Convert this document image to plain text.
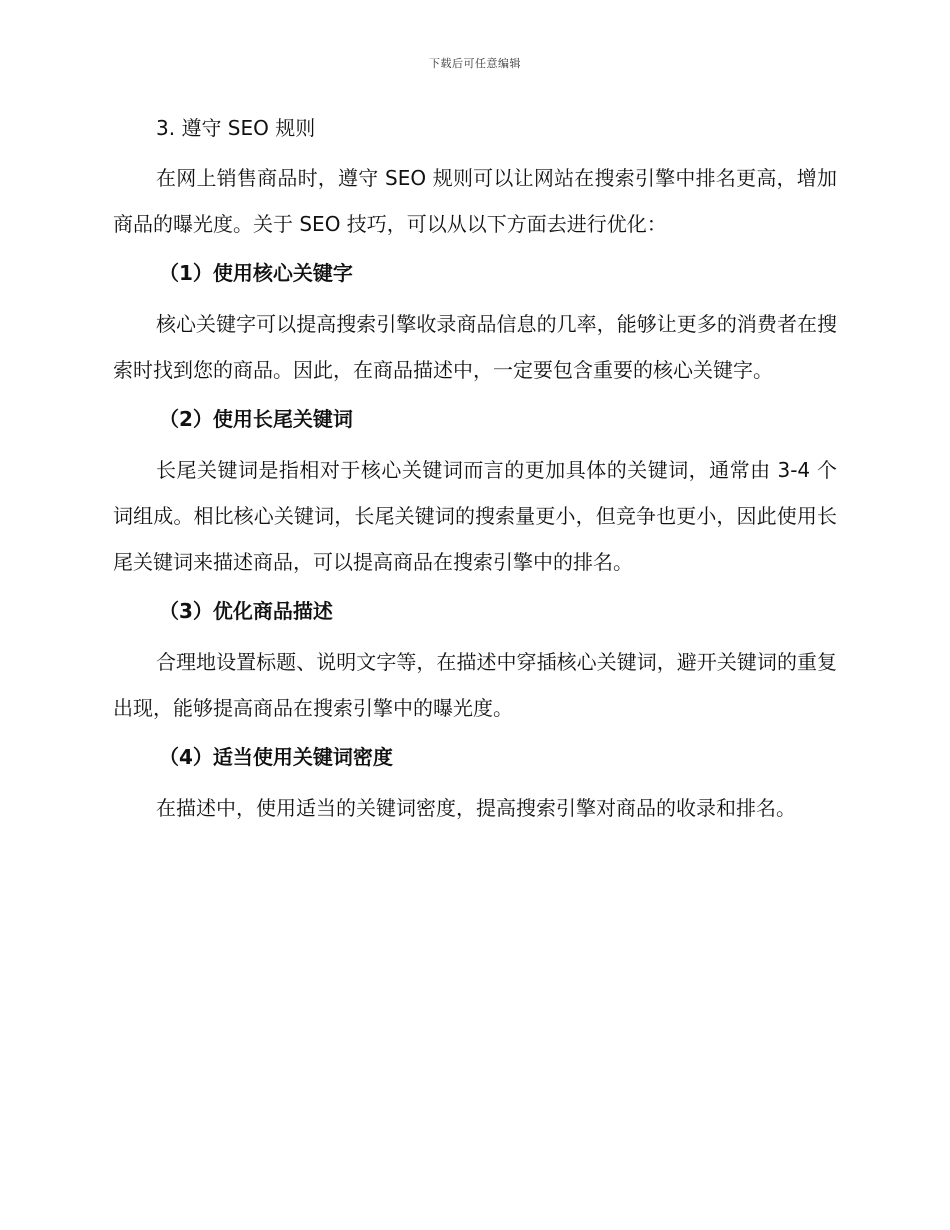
下载后可任意编辑
3. 遵守 SEO 规则

在网上销售商品时，遵守 SEO 规则可以让网站在搜索引擎中排名更高，增加商品的曝光度。关于 SEO 技巧，可以从以下方面去进行优化：

（1）使用核心关键字

核心关键字可以提高搜索引擎收录商品信息的几率，能够让更多的消费者在搜索时找到您的商品。因此，在商品描述中，一定要包含重要的核心关键字。

（2）使用长尾关键词

长尾关键词是指相对于核心关键词而言的更加具体的关键词，通常由 3-4 个词组成。相比核心关键词，长尾关键词的搜索量更小，但竞争也更小，因此使用长尾关键词来描述商品，可以提高商品在搜索引擎中的排名。

（3）优化商品描述

合理地设置标题、说明文字等，在描述中穿插核心关键词，避开关键词的重复出现，能够提高商品在搜索引擎中的曝光度。

（4）适当使用关键词密度

在描述中，使用适当的关键词密度，提高搜索引擎对商品的收录和排名。
